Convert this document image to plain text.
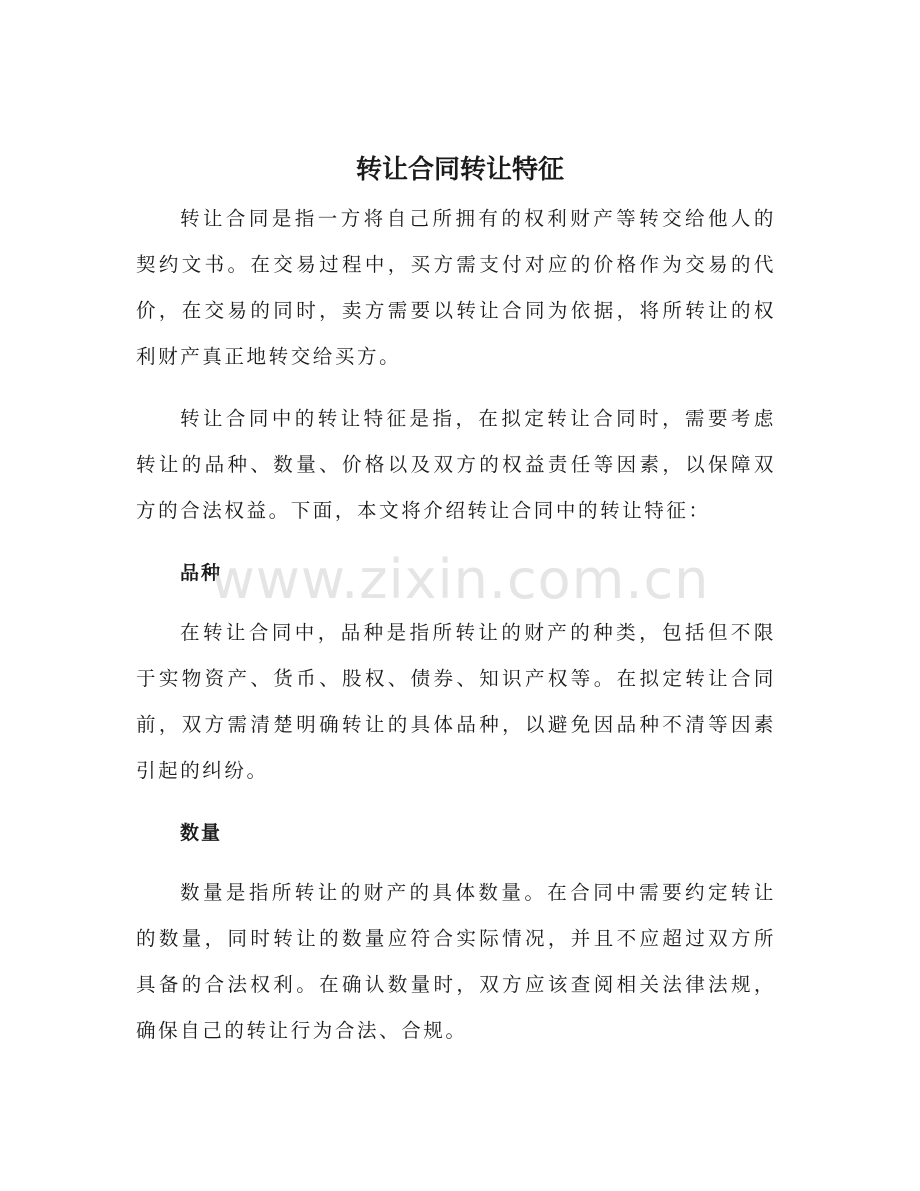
转让合同转让特征

转让合同是指一方将自己所拥有的权利财产等转交给他人的契约文书。在交易过程中，买方需支付对应的价格作为交易的代价，在交易的同时，卖方需要以转让合同为依据，将所转让的权利财产真正地转交给买方。

转让合同中的转让特征是指，在拟定转让合同时，需要考虑转让的品种、数量、价格以及双方的权益责任等因素，以保障双方的合法权益。下面，本文将介绍转让合同中的转让特征：

品种

在转让合同中，品种是指所转让的财产的种类，包括但不限于实物资产、货币、股权、债券、知识产权等。在拟定转让合同前，双方需清楚明确转让的具体品种，以避免因品种不清等因素引起的纠纷。

数量

数量是指所转让的财产的具体数量。在合同中需要约定转让的数量，同时转让的数量应符合实际情况，并且不应超过双方所具备的合法权利。在确认数量时，双方应该查阅相关法律法规，确保自己的转让行为合法、合规。

www.zixin.com.cn
